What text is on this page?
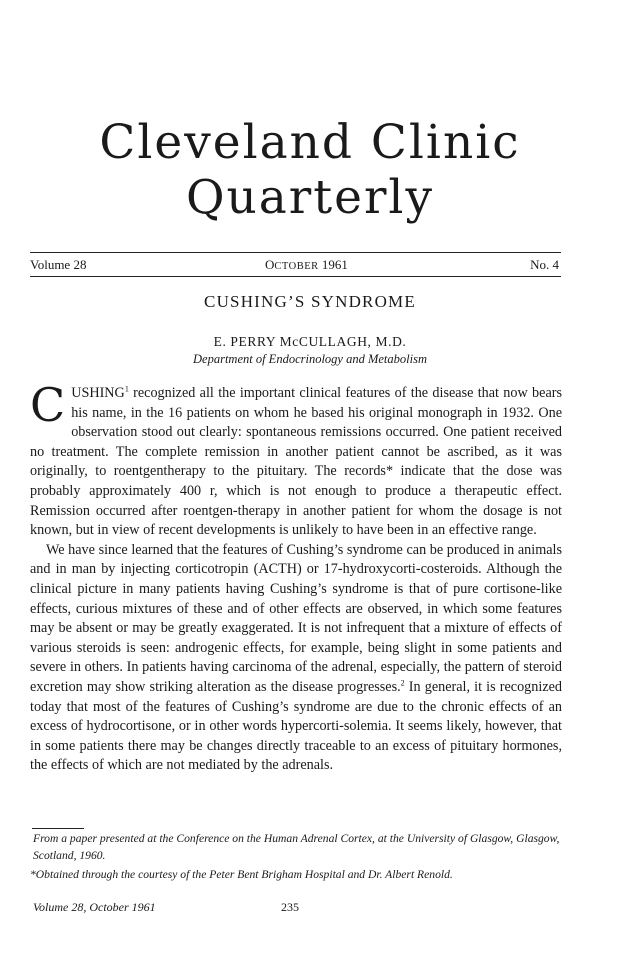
Cleveland Clinic
Quarterly
Volume 28	OCTOBER 1961	No. 4
CUSHING’S SYNDROME
E. PERRY McCULLAGH, M.D.
Department of Endocrinology and Metabolism

CUSHING$^1$ recognized all the important clinical features of the disease that now bears his name, in the 16 patients on whom he based his original monograph in 1932. One observation stood out clearly: spontaneous remissions occurred. One patient received no treatment. The complete remission in another patient cannot be ascribed, as it was originally, to roentgentherapy to the pituitary. The records* indicate that the dose was probably approximately 400 r, which is not enough to produce a therapeutic effect. Remission occurred after roentgen-therapy in another patient for whom the dosage is not known, but in view of recent developments is unlikely to have been in an effective range.

We have since learned that the features of Cushing’s syndrome can be produced in animals and in man by injecting corticotropin (ACTH) or 17-hydroxycorti-costeroids. Although the clinical picture in many patients having Cushing’s syndrome is that of pure cortisone-like effects, curious mixtures of these and of other effects are observed, in which some features may be absent or may be greatly exaggerated. It is not infrequent that a mixture of effects of various steroids is seen: androgenic effects, for example, being slight in some patients and severe in others. In patients having carcinoma of the adrenal, especially, the pattern of steroid excretion may show striking alteration as the disease progresses.$^2$ In general, it is recognized today that most of the features of Cushing’s syndrome are due to the chronic effects of an excess of hydrocortisone, or in other words hypercorti-solemia. It seems likely, however, that in some patients there may be changes directly traceable to an excess of pituitary hormones, the effects of which are not mediated by the adrenals.

From a paper presented at the Conference on the Human Adrenal Cortex, at the University of Glasgow, Glasgow, Scotland, 1960.

*Obtained through the courtesy of the Peter Bent Brigham Hospital and Dr. Albert Renold.

Volume 28, October 1961	235
